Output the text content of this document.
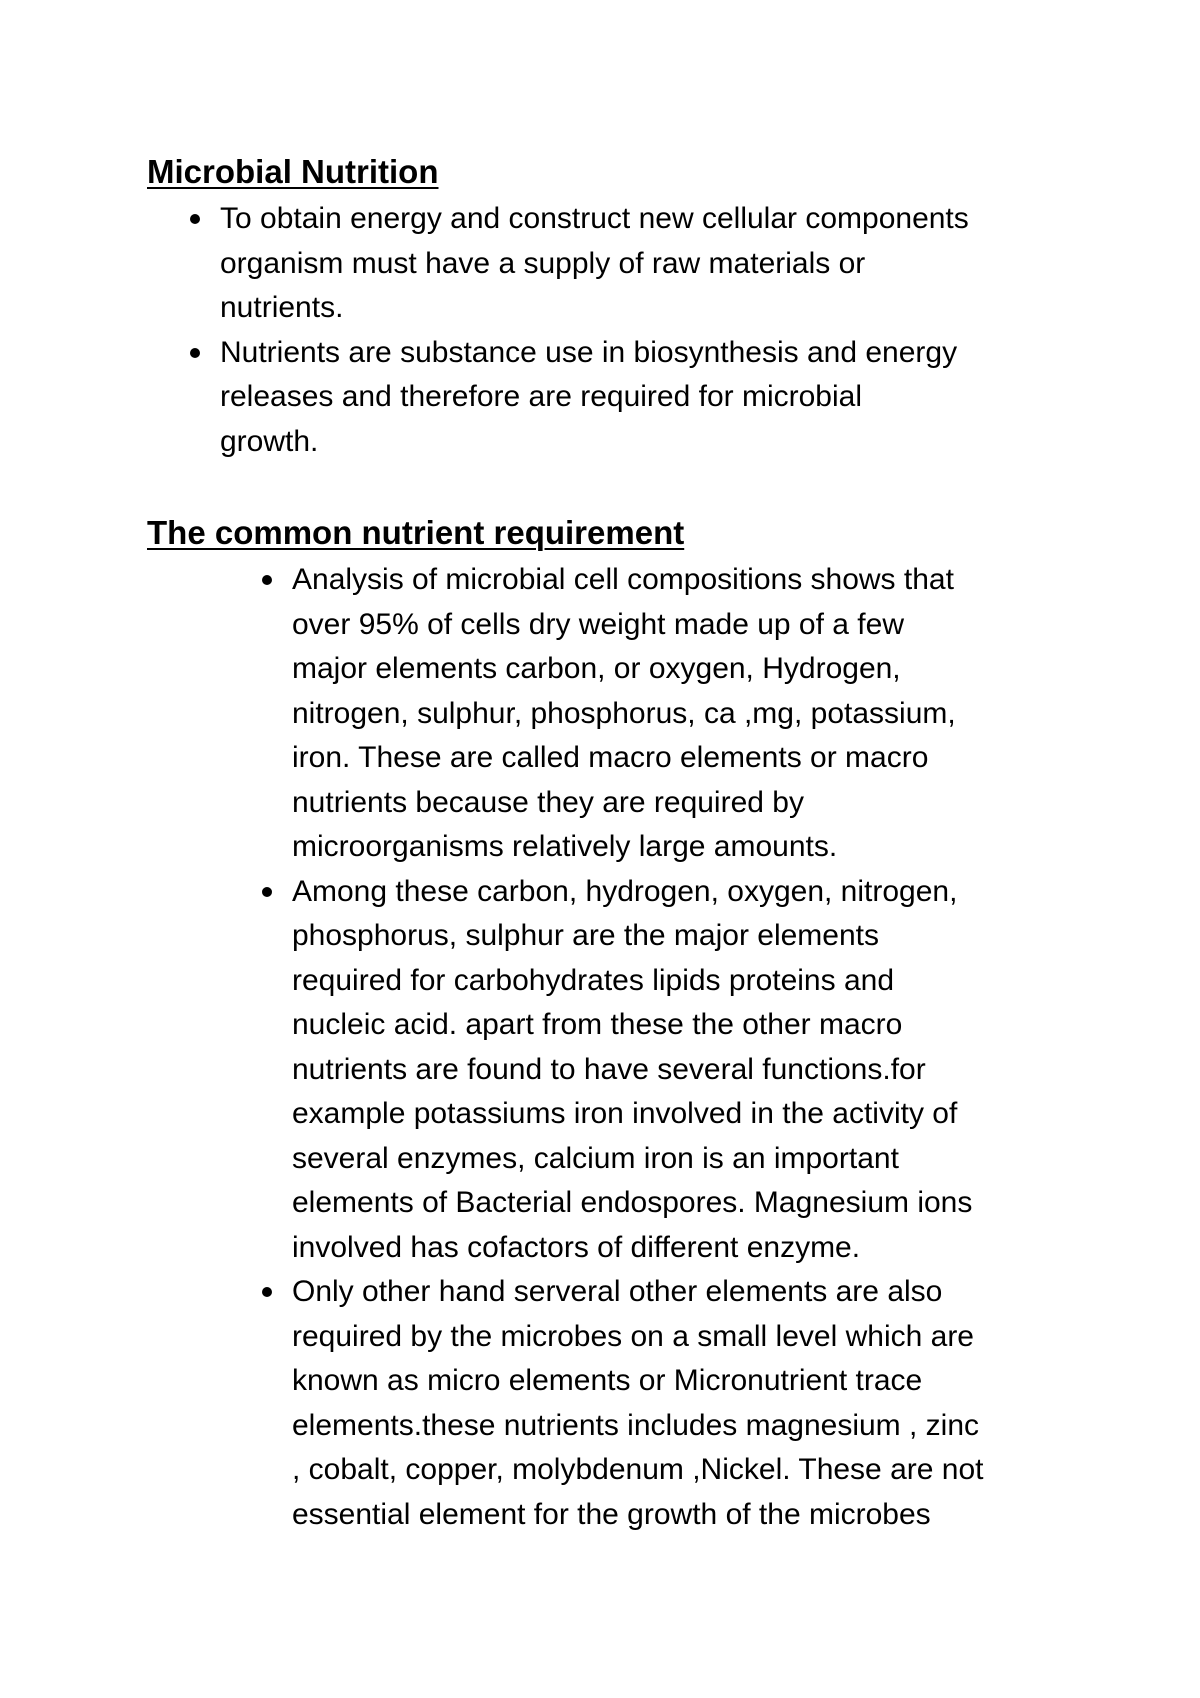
Microbial Nutrition
To obtain energy and construct new cellular components
organism must have a supply of raw materials or
nutrients.
Nutrients are substance use in biosynthesis and energy
releases and therefore are required for microbial
growth.
The common nutrient requirement
Analysis of microbial cell compositions shows that
over 95% of cells dry weight made up of a few
major elements carbon, or oxygen, Hydrogen,
nitrogen, sulphur, phosphorus, ca ,mg, potassium,
iron. These are called macro elements or macro
nutrients because they are required by
microorganisms relatively large amounts.
Among these carbon, hydrogen, oxygen, nitrogen,
phosphorus, sulphur are the major elements
required for carbohydrates lipids proteins and
nucleic acid. apart from these the other macro
nutrients are found to have several functions.for
example potassiums iron involved in the activity of
several enzymes, calcium iron is an important
elements of Bacterial endospores. Magnesium ions
involved has cofactors of different enzyme.
Only other hand serveral other elements are also
required by the microbes on a small level which are
known as micro elements or Micronutrient trace
elements.these nutrients includes magnesium , zinc
, cobalt, copper, molybdenum ,Nickel. These are not
essential element for the growth of the microbes
